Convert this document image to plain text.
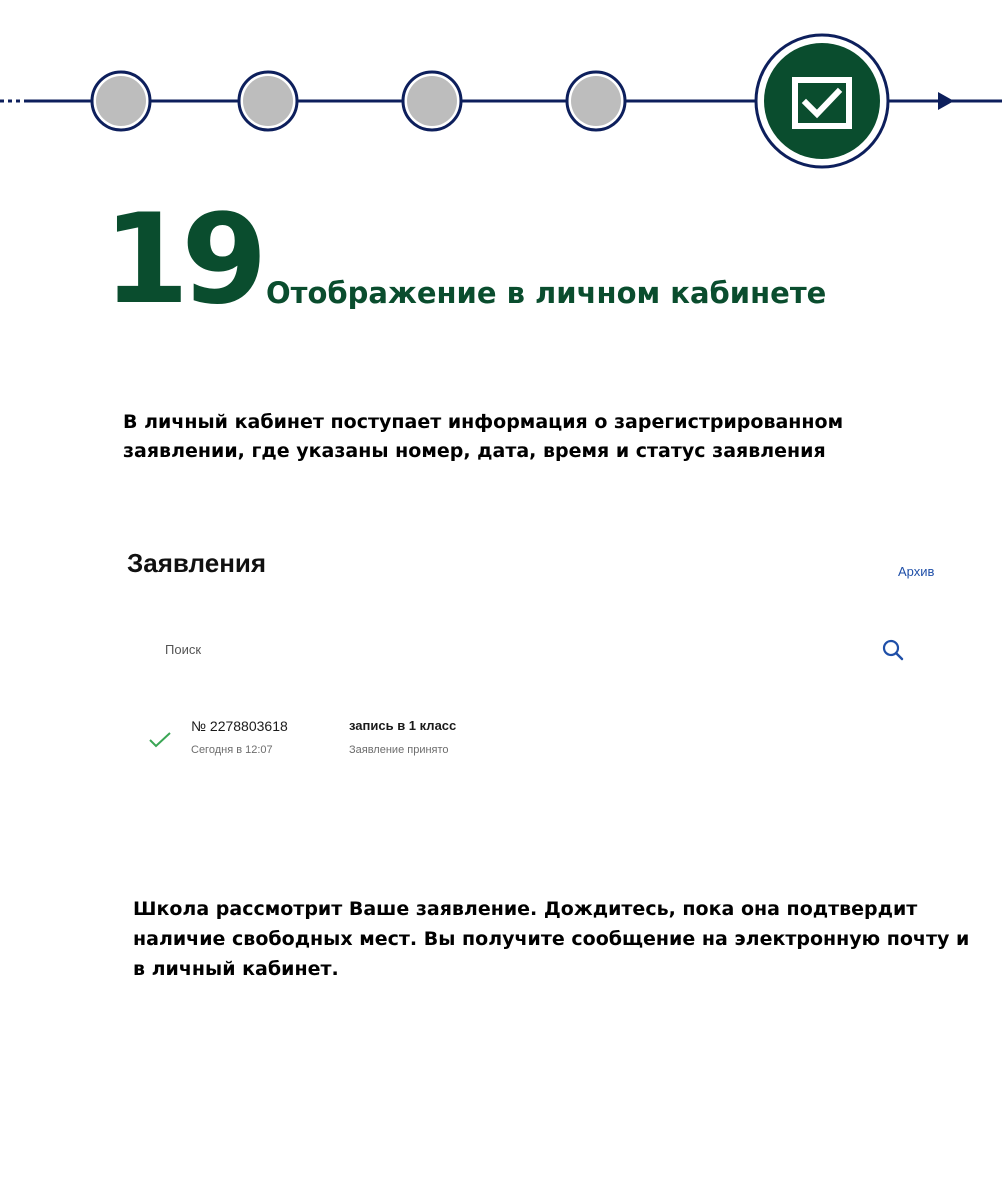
19 Отображение в личном кабинете
В личный кабинет поступает информация о зарегистрированном заявлении, где указаны номер, дата, время и статус заявления
Заявления	Архив
Поиск
№ 2278803618
Сегодня в 12:07
запись в 1 класс
Заявление принято
Школа рассмотрит Ваше заявление. Дождитесь, пока она подтвердит наличие свободных мест. Вы получите сообщение на электронную почту и в личный кабинет.
